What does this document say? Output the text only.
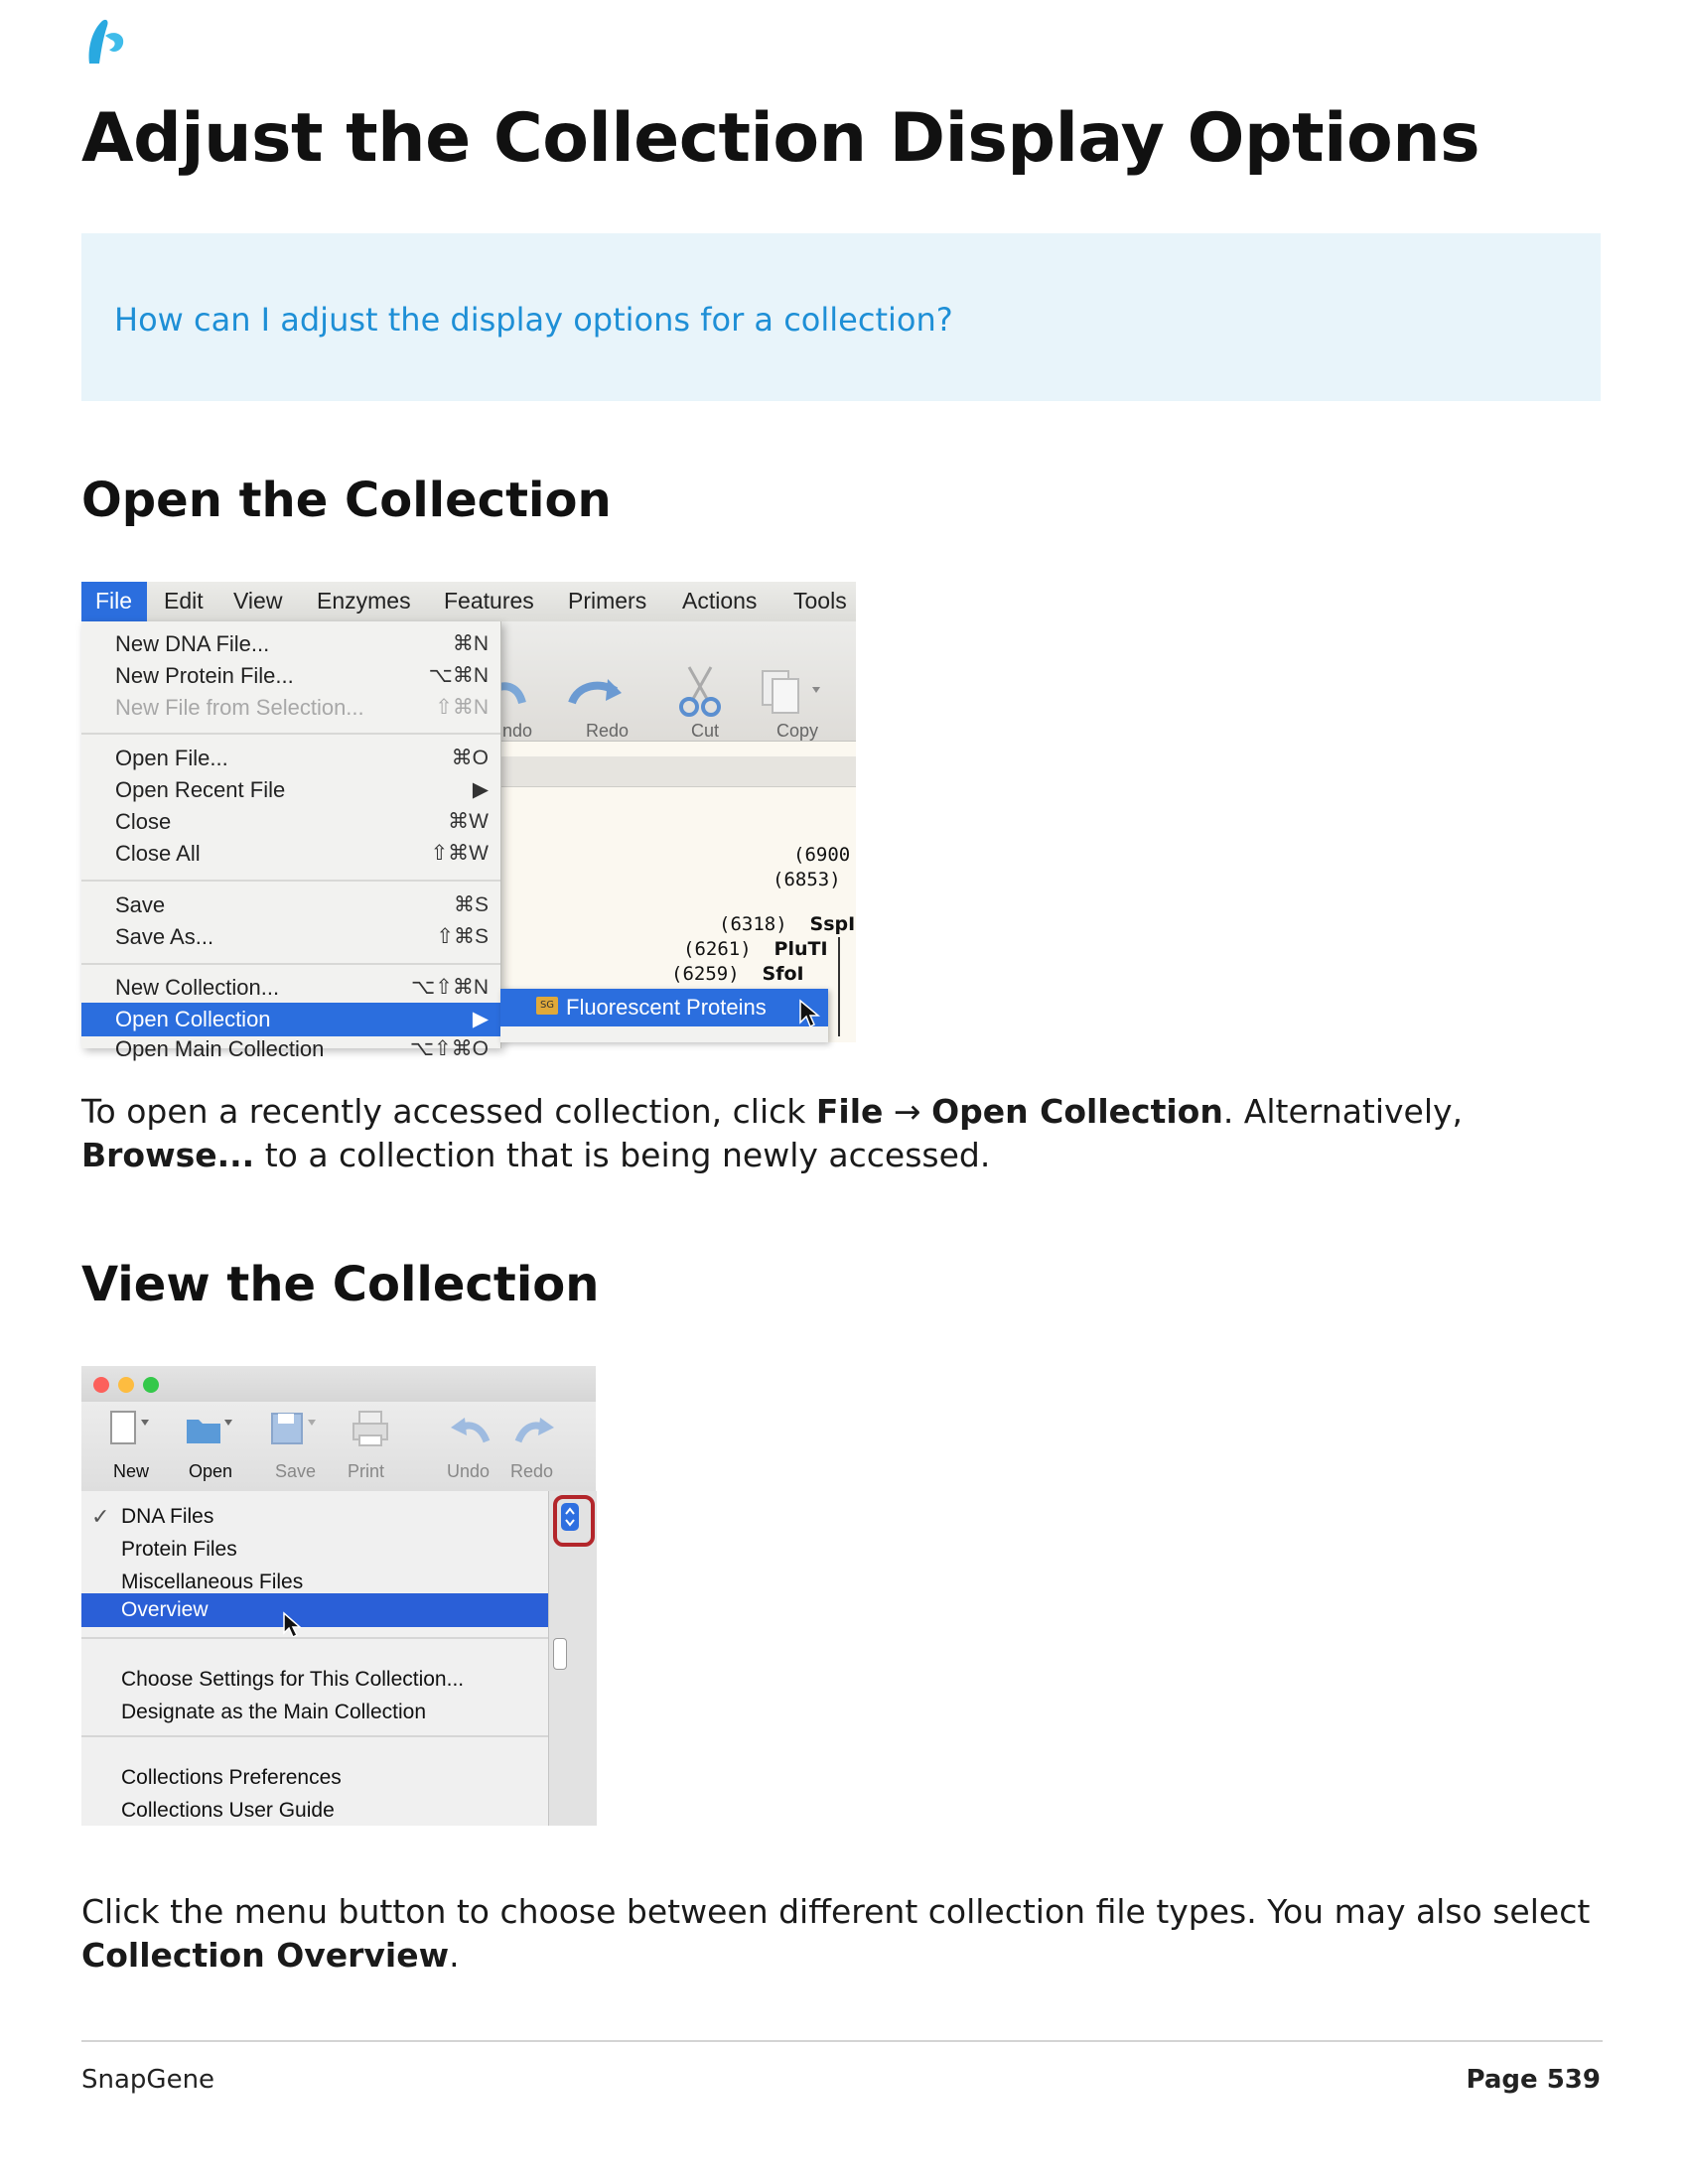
Adjust the Collection Display Options
How can I adjust the display options for a collection?
Open the Collection
File Edit View Enzymes Features Primers Actions Tools
ndo	Redo	Cut	Copy
(6900
(6853)
(6318) SspI
(6261) PluTI
(6259) SfoI
New DNA File...	⌘N
New Protein File...	⌥⌘N
New File from Selection...	⇧⌘N
Open File...	⌘O
Open Recent File	▶
Close	⌘W
Close All	⇧⌘W
Save	⌘S
Save As...	⇧⌘S
New Collection...	⌥⇧⌘N
Open Collection	▶
Open Main Collection	⌥⇧⌘O
SG Fluorescent Proteins

To open a recently accessed collection, click File → Open Collection. Alternatively, Browse... to a collection that is being newly accessed.

View the Collection
New Open Save Print	Undo Redo
✓ DNA Files
Protein Files
Miscellaneous Files
Overview
Choose Settings for This Collection...
Designate as the Main Collection
Collections Preferences
Collections User Guide

Click the menu button to choose between different collection file types. You may also select Collection Overview.

SnapGene	Page 539
